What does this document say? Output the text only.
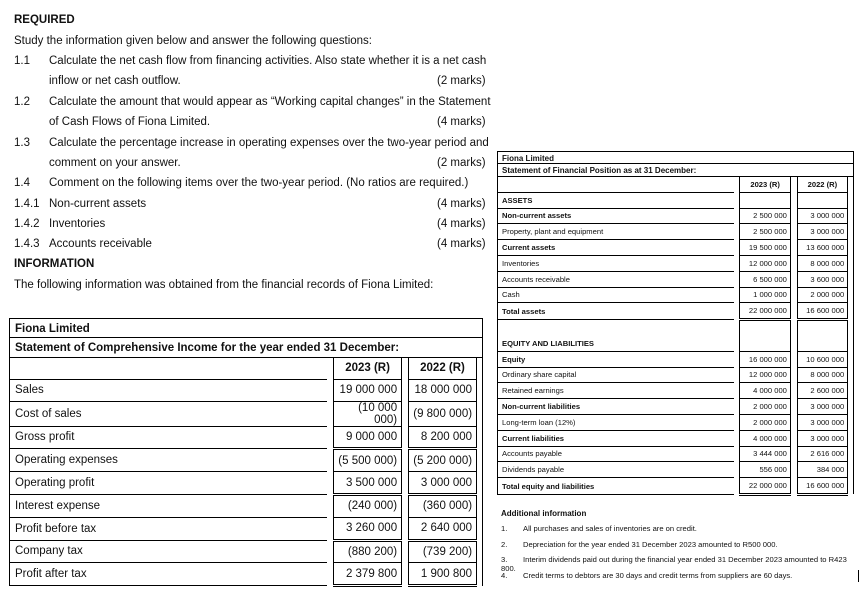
REQUIRED
Study the information given below and answer the following questions:
1.1 Calculate the net cash flow from financing activities. Also state whether it is a net cash
inflow or net cash outflow.	(2 marks)
1.2 Calculate the amount that would appear as “Working capital changes” in the Statement
of Cash Flows of Fiona Limited.	(4 marks)
1.3 Calculate the percentage increase in operating expenses over the two-year period and
comment on your answer.	(2 marks)
1.4 Comment on the following items over the two-year period. (No ratios are required.)
1.4.1 Non-current assets	(4 marks)
1.4.2 Inventories	(4 marks)
1.4.3 Accounts receivable	(4 marks)
INFORMATION
The following information was obtained from the financial records of Fiona Limited:
Fiona Limited
Statement of Comprehensive Income for the year ended 31 December:
		2023 (R)		2022 (R)	
Sales		19 000 000		18 000 000	
Cost of sales		(10 000 000)		(9 800 000)	
Gross profit		9 000 000		8 200 000	
Operating expenses		(5 500 000)		(5 200 000)	
Operating profit		3 500 000		3 000 000	
Interest expense		(240 000)		(360 000)	
Profit before tax		3 260 000		2 640 000	
Company tax		(880 200)		(739 200)	
Profit after tax		2 379 800		1 900 800	
Fiona Limited
Statement of Financial Position as at 31 December:
		2023 (R)		2022 (R)	
ASSETS					
Non-current assets		2 500 000		3 000 000	
Property, plant and equipment		2 500 000		3 000 000	
Current assets		19 500 000		13 600 000	
Inventories		12 000 000		8 000 000	
Accounts receivable		6 500 000		3 600 000	
Cash		1 000 000		2 000 000	
Total assets		22 000 000		16 600 000	

EQUITY AND LIABILITIES					
Equity		16 000 000		10 600 000	
Ordinary share capital		12 000 000		8 000 000	
Retained earnings		4 000 000		2 600 000	
Non-current liabilities		2 000 000		3 000 000	
Long-term loan (12%)		2 000 000		3 000 000	
Current liabilities		4 000 000		3 000 000	
Accounts payable		3 444 000		2 616 000	
Dividends payable		556 000		384 000	
Total equity and liabilities		22 000 000		16 600 000	
Additional information
1. All purchases and sales of inventories are on credit.
2. Depreciation for the year ended 31 December 2023 amounted to R500 000.
3. Interim dividends paid out during the financial year ended 31 December 2023 amounted to R423 800.
4. Credit terms to debtors are 30 days and credit terms from suppliers are 60 days.
